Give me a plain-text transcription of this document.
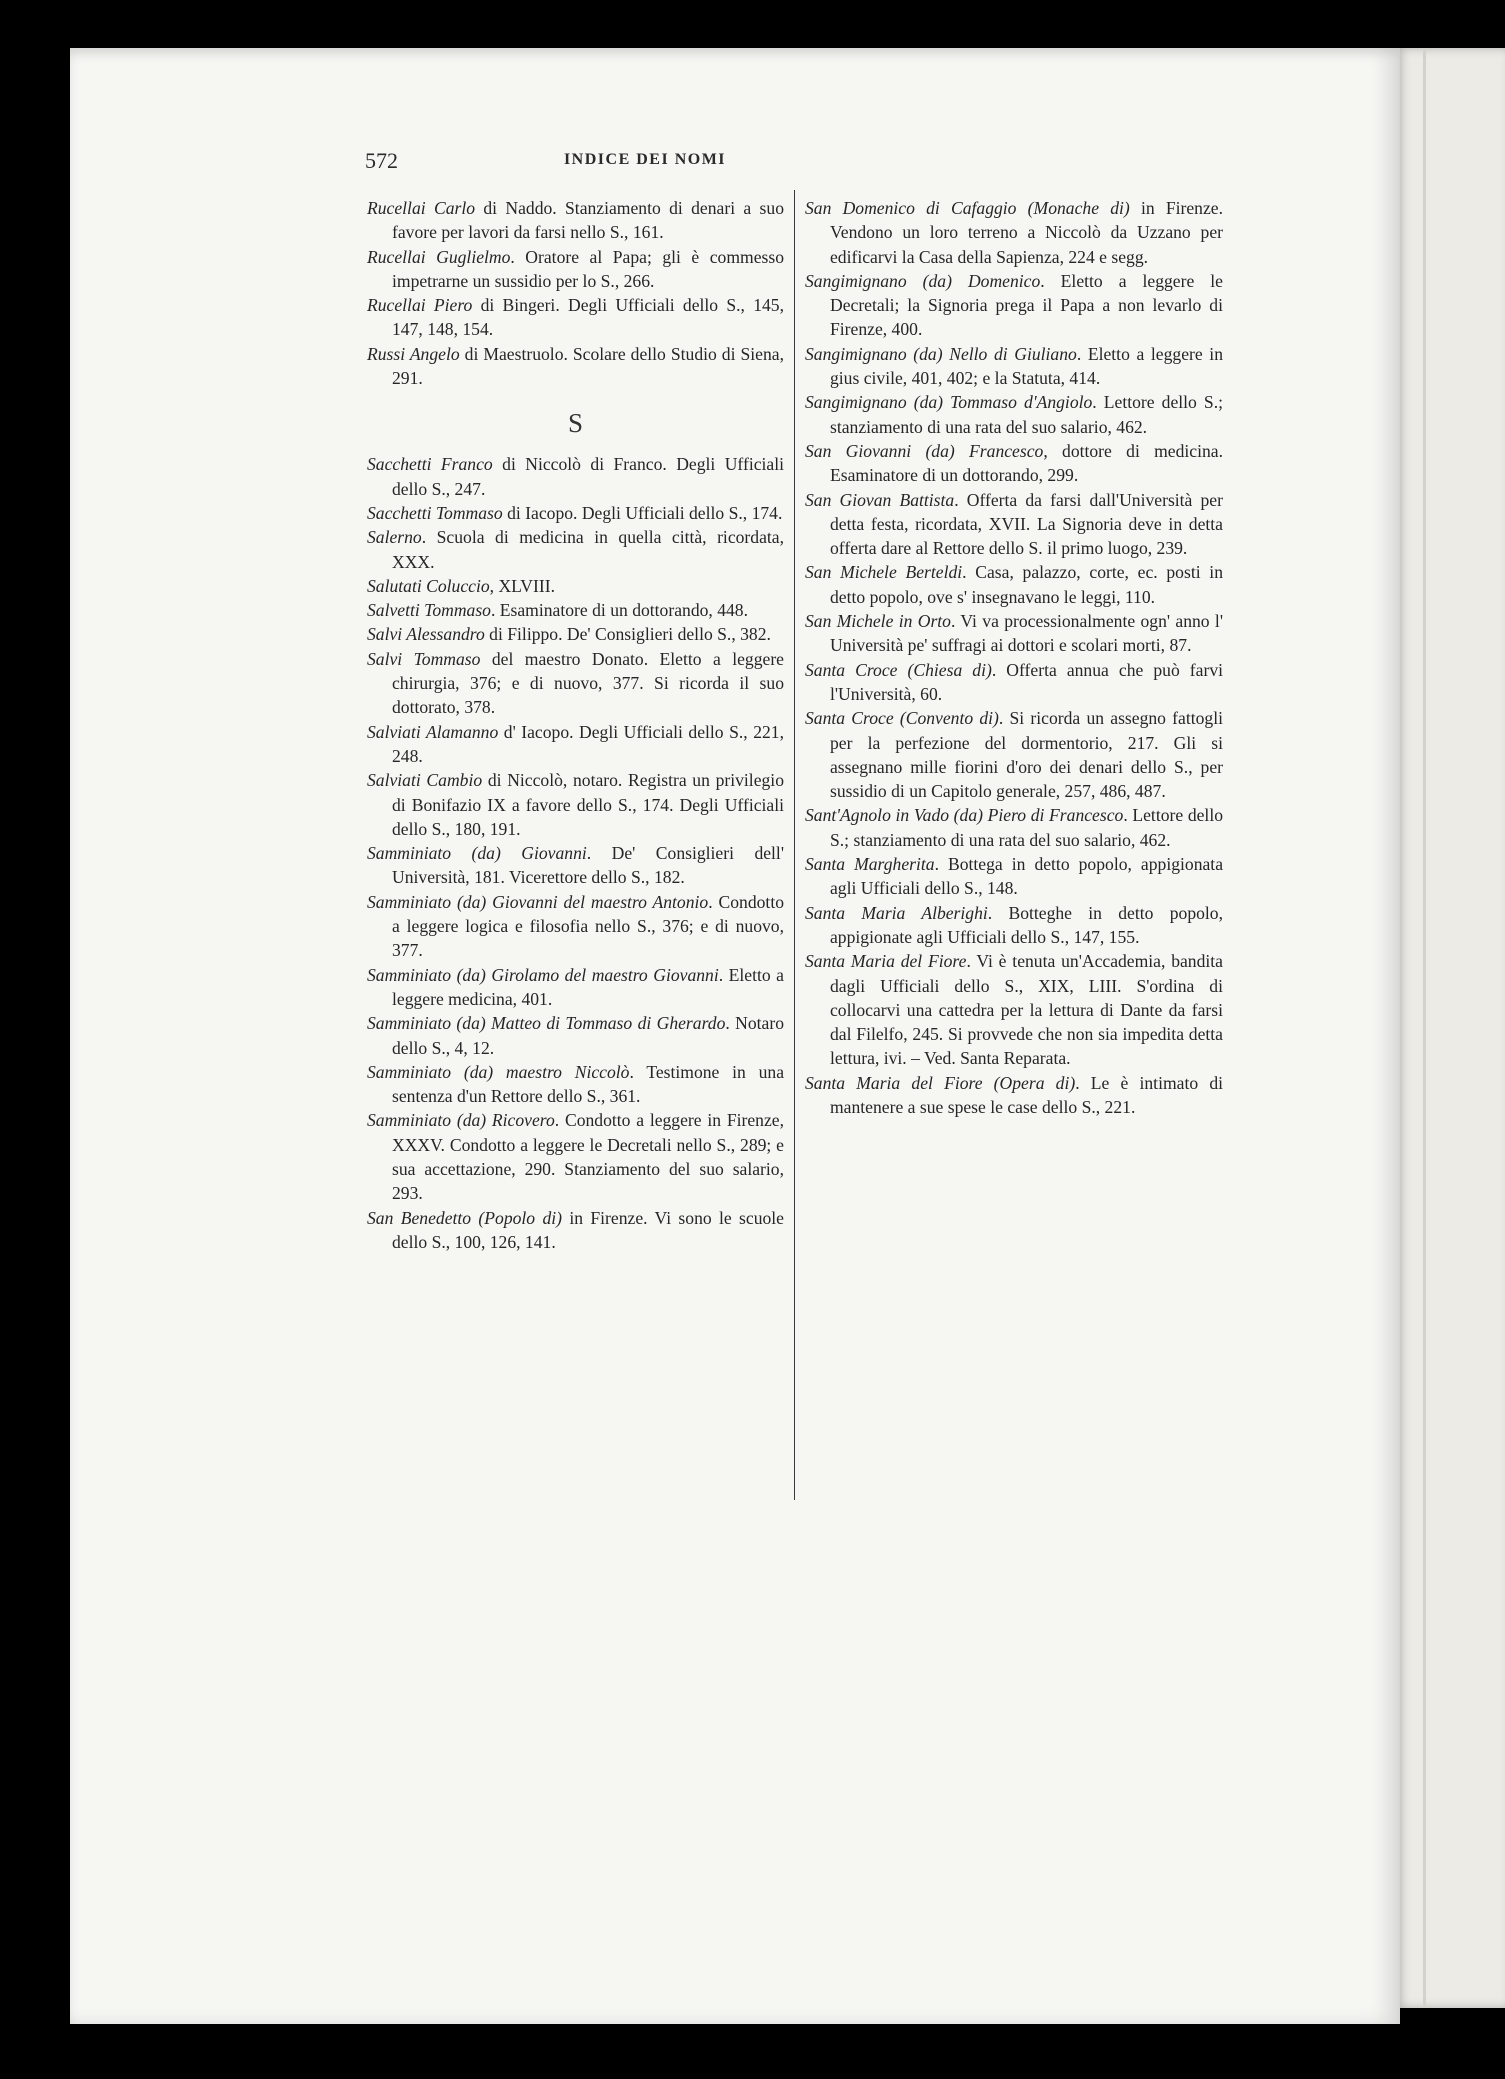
572	INDICE DEI NOMI

Rucellai Carlo di Naddo. Stanziamento di denari a suo favore per lavori da farsi nello S., 161.

Rucellai Guglielmo. Oratore al Papa; gli è commesso impetrarne un sussidio per lo S., 266.

Rucellai Piero di Bingeri. Degli Ufficiali dello S., 145, 147, 148, 154.

Russi Angelo di Maestruolo. Scolare dello Studio di Siena, 291.

S

Sacchetti Franco di Niccolò di Franco. Degli Ufficiali dello S., 247.

Sacchetti Tommaso di Iacopo. Degli Ufficiali dello S., 174.

Salerno. Scuola di medicina in quella città, ricordata, XXX.

Salutati Coluccio, XLVIII.

Salvetti Tommaso. Esaminatore di un dottorando, 448.

Salvi Alessandro di Filippo. De' Consiglieri dello S., 382.

Salvi Tommaso del maestro Donato. Eletto a leggere chirurgia, 376; e di nuovo, 377. Si ricorda il suo dottorato, 378.

Salviati Alamanno d' Iacopo. Degli Ufficiali dello S., 221, 248.

Salviati Cambio di Niccolò, notaro. Registra un privilegio di Bonifazio IX a favore dello S., 174. Degli Ufficiali dello S., 180, 191.

Samminiato (da) Giovanni. De' Consiglieri dell' Università, 181. Vicerettore dello S., 182.

Samminiato (da) Giovanni del maestro Antonio. Condotto a leggere logica e filosofia nello S., 376; e di nuovo, 377.

Samminiato (da) Girolamo del maestro Giovanni. Eletto a leggere medicina, 401.

Samminiato (da) Matteo di Tommaso di Gherardo. Notaro dello S., 4, 12.

Samminiato (da) maestro Niccolò. Testimone in una sentenza d'un Rettore dello S., 361.

Samminiato (da) Ricovero. Condotto a leggere in Firenze, XXXV. Condotto a leggere le Decretali nello S., 289; e sua accettazione, 290. Stanziamento del suo salario, 293.

San Benedetto (Popolo di) in Firenze. Vi sono le scuole dello S., 100, 126, 141.

San Domenico di Cafaggio (Monache di) in Firenze. Vendono un loro terreno a Niccolò da Uzzano per edificarvi la Casa della Sapienza, 224 e segg.

Sangimignano (da) Domenico. Eletto a leggere le Decretali; la Signoria prega il Papa a non levarlo di Firenze, 400.

Sangimignano (da) Nello di Giuliano. Eletto a leggere in gius civile, 401, 402; e la Statuta, 414.

Sangimignano (da) Tommaso d'Angiolo. Lettore dello S.; stanziamento di una rata del suo salario, 462.

San Giovanni (da) Francesco, dottore di medicina. Esaminatore di un dottorando, 299.

San Giovan Battista. Offerta da farsi dall'Università per detta festa, ricordata, XVII. La Signoria deve in detta offerta dare al Rettore dello S. il primo luogo, 239.

San Michele Berteldi. Casa, palazzo, corte, ec. posti in detto popolo, ove s' insegnavano le leggi, 110.

San Michele in Orto. Vi va processionalmente ogn' anno l' Università pe' suffragi ai dottori e scolari morti, 87.

Santa Croce (Chiesa di). Offerta annua che può farvi l'Università, 60.

Santa Croce (Convento di). Si ricorda un assegno fattogli per la perfezione del dormentorio, 217. Gli si assegnano mille fiorini d'oro dei denari dello S., per sussidio di un Capitolo generale, 257, 486, 487.

Sant'Agnolo in Vado (da) Piero di Francesco. Lettore dello S.; stanziamento di una rata del suo salario, 462.

Santa Margherita. Bottega in detto popolo, appigionata agli Ufficiali dello S., 148.

Santa Maria Alberighi. Botteghe in detto popolo, appigionate agli Ufficiali dello S., 147, 155.

Santa Maria del Fiore. Vi è tenuta un'Accademia, bandita dagli Ufficiali dello S., XIX, LIII. S'ordina di collocarvi una cattedra per la lettura di Dante da farsi dal Filelfo, 245. Si provvede che non sia impedita detta lettura, ivi. – Ved. Santa Reparata.

Santa Maria del Fiore (Opera di). Le è intimato di mantenere a sue spese le case dello S., 221.
